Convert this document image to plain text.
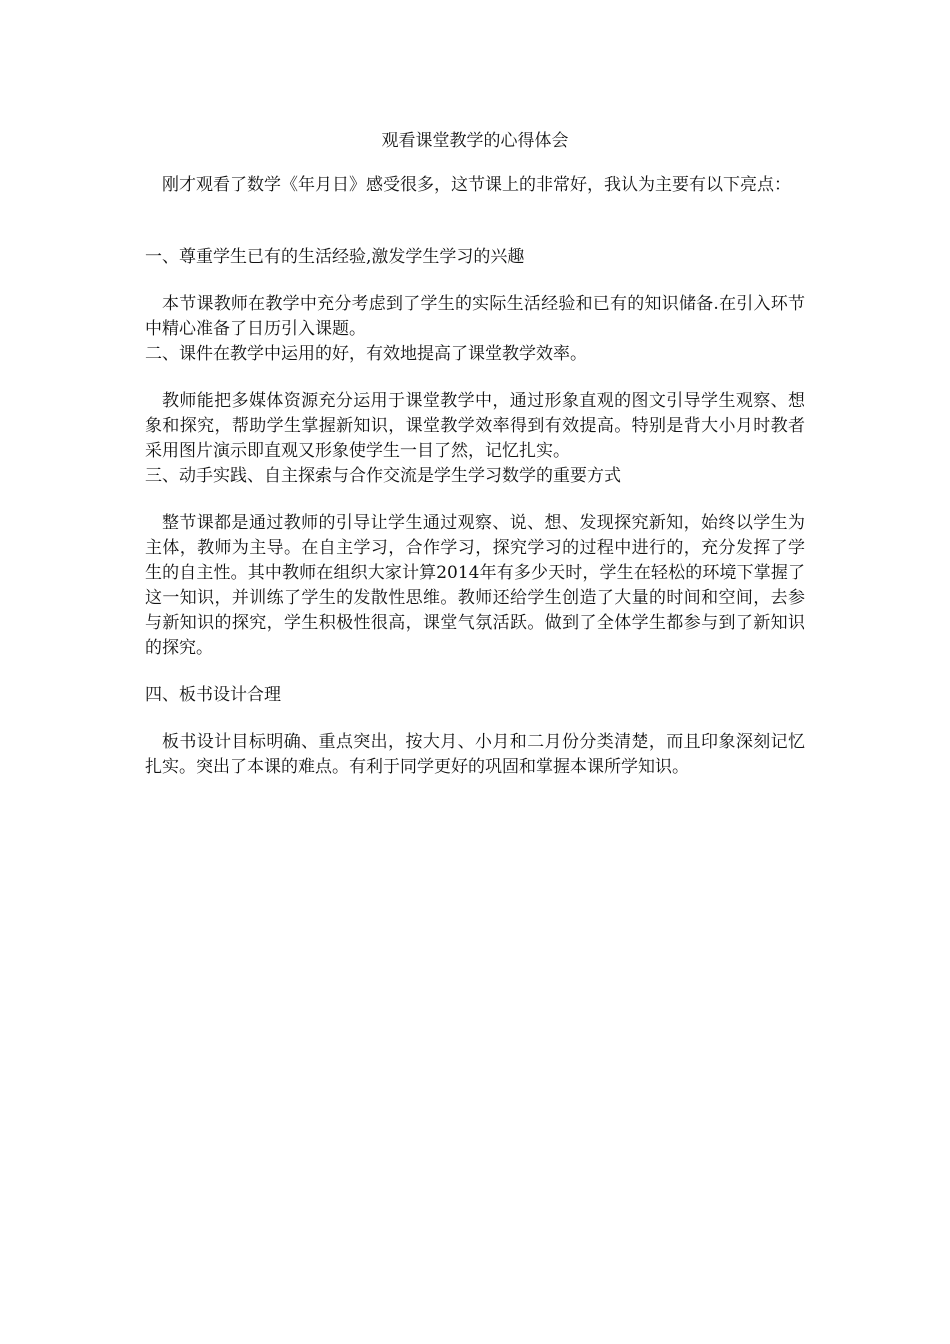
观看课堂教学的心得体会
刚才观看了数学《年月日》感受很多，这节课上的非常好，我认为主要有以下亮点：
一、尊重学生已有的生活经验,激发学生学习的兴趣
本节课教师在教学中充分考虑到了学生的实际生活经验和已有的知识储备.在引入环节中精心准备了日历引入课题。
二、课件在教学中运用的好，有效地提高了课堂教学效率。
教师能把多媒体资源充分运用于课堂教学中，通过形象直观的图文引导学生观察、想象和探究，帮助学生掌握新知识，课堂教学效率得到有效提高。特别是背大小月时教者采用图片演示即直观又形象使学生一目了然，记忆扎实。
三、动手实践、自主探索与合作交流是学生学习数学的重要方式
整节课都是通过教师的引导让学生通过观察、说、想、发现探究新知，始终以学生为主体，教师为主导。在自主学习，合作学习，探究学习的过程中进行的，充分发挥了学生的自主性。其中教师在组织大家计算2014年有多少天时，学生在轻松的环境下掌握了这一知识，并训练了学生的发散性思维。教师还给学生创造了大量的时间和空间，去参与新知识的探究，学生积极性很高，课堂气氛活跃。做到了全体学生都参与到了新知识的探究。
四、板书设计合理
板书设计目标明确、重点突出，按大月、小月和二月份分类清楚，而且印象深刻记忆扎实。突出了本课的难点。有利于同学更好的巩固和掌握本课所学知识。
